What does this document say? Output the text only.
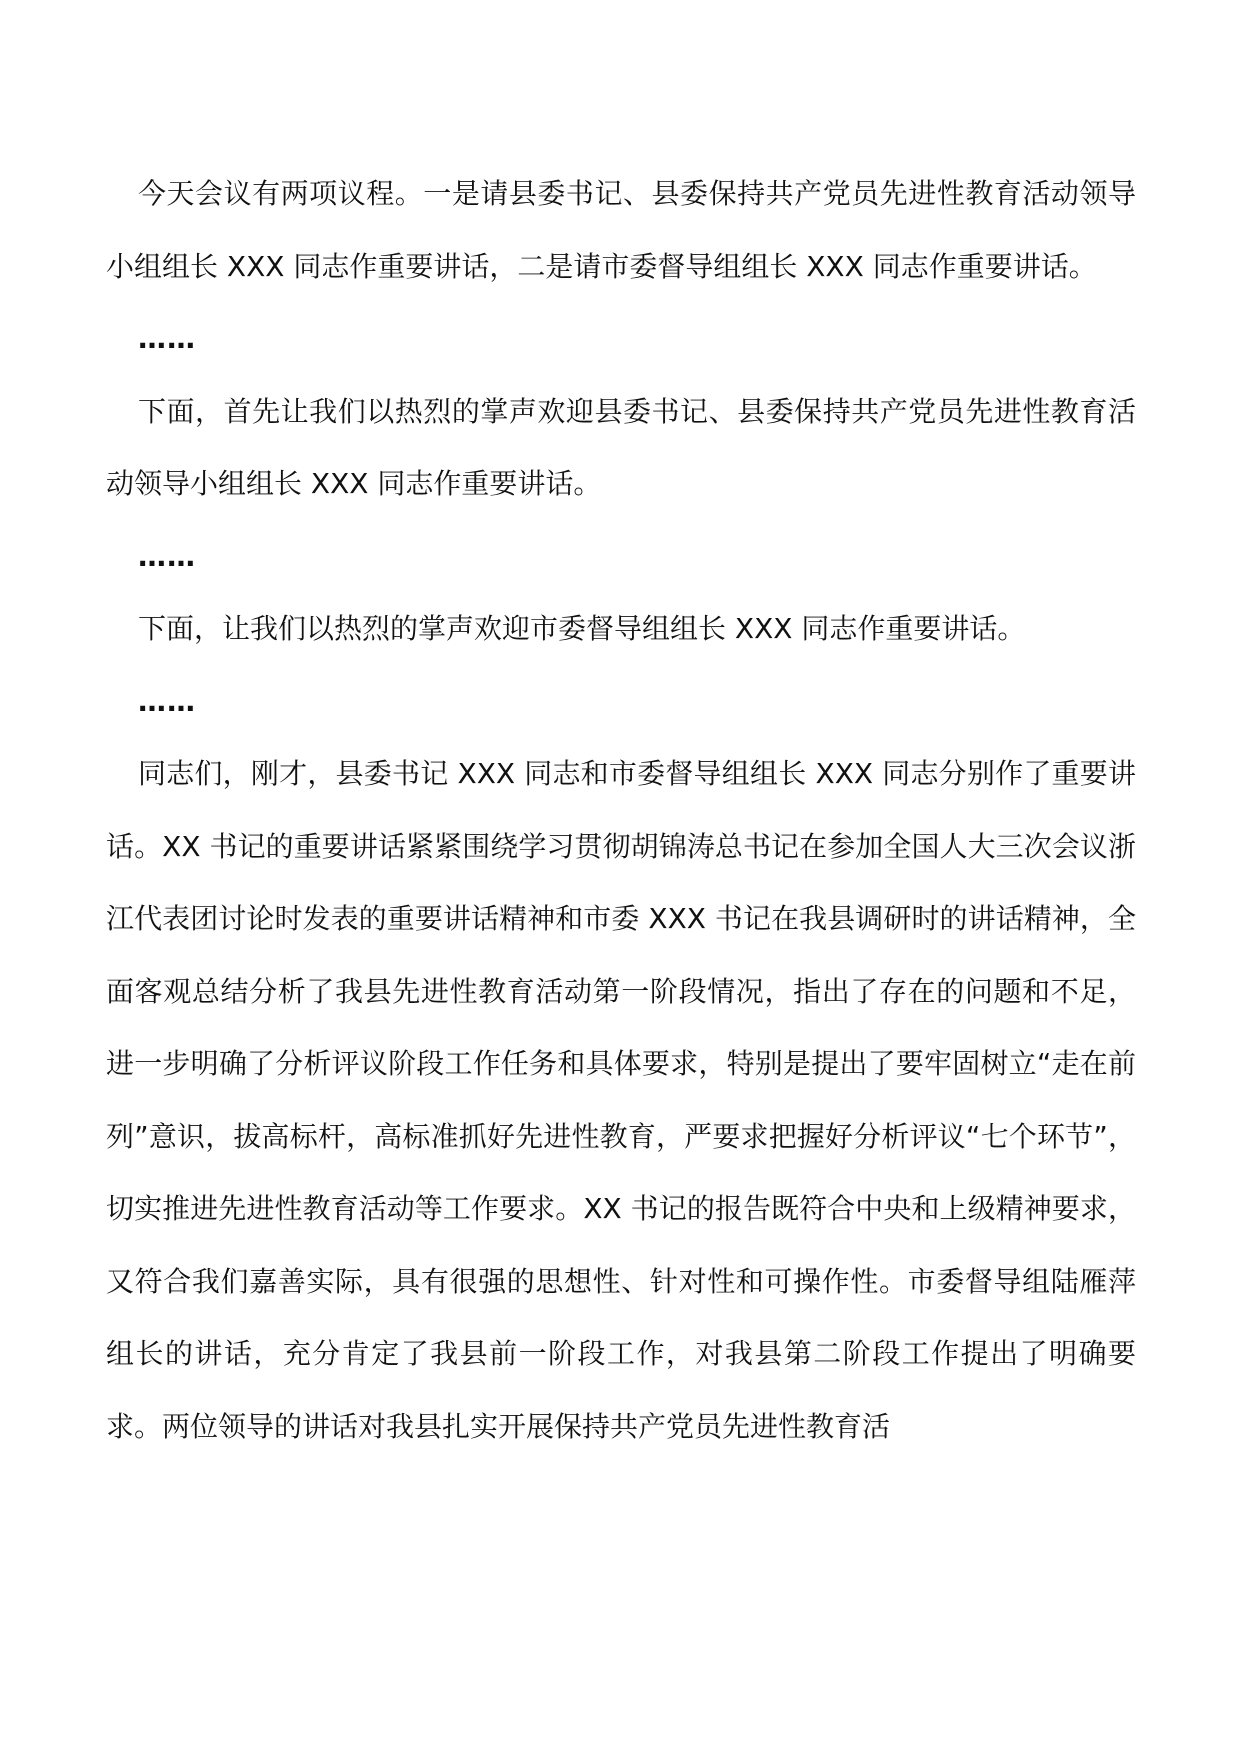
今天会议有两项议程。一是请县委书记、县委保持共产党员先进性教育活动领导小组组长 XXX 同志作重要讲话，二是请市委督导组组长 XXX 同志作重要讲话。

……

下面，首先让我们以热烈的掌声欢迎县委书记、县委保持共产党员先进性教育活动领导小组组长 XXX 同志作重要讲话。

……

下面，让我们以热烈的掌声欢迎市委督导组组长 XXX 同志作重要讲话。

……

同志们，刚才，县委书记 XXX 同志和市委督导组组长 XXX 同志分别作了重要讲话。XX 书记的重要讲话紧紧围绕学习贯彻胡锦涛总书记在参加全国人大三次会议浙江代表团讨论时发表的重要讲话精神和市委 XXX 书记在我县调研时的讲话精神，全面客观总结分析了我县先进性教育活动第一阶段情况，指出了存在的问题和不足，进一步明确了分析评议阶段工作任务和具体要求，特别是提出了要牢固树立“走在前列”意识，拔高标杆，高标准抓好先进性教育，严要求把握好分析评议“七个环节”，切实推进先进性教育活动等工作要求。XX 书记的报告既符合中央和上级精神要求，又符合我们嘉善实际，具有很强的思想性、针对性和可操作性。市委督导组陆雁萍组长的讲话，充分肯定了我县前一阶段工作，对我县第二阶段工作提出了明确要求。两位领导的讲话对我县扎实开展保持共产党员先进性教育活
